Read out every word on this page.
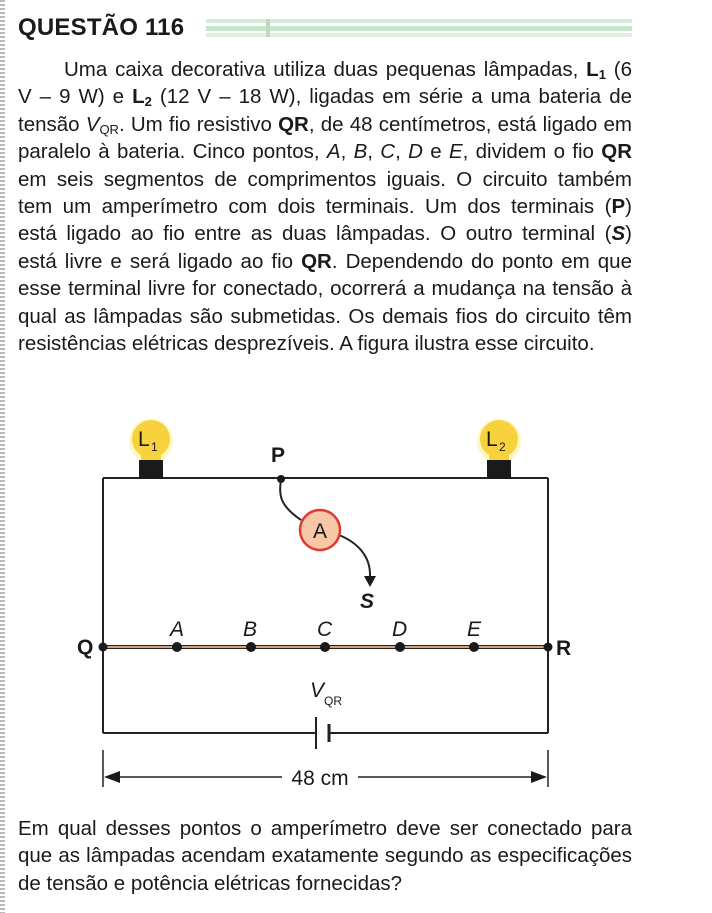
QUESTÃO 116

Uma caixa decorativa utiliza duas pequenas lâmpadas, $L_1$ (6 V – 9 W) e $L_2$ (12 V – 18 W), ligadas em série a uma bateria de tensão $V_{QR}$. Um fio resistivo QR, de 48 centímetros, está ligado em paralelo à bateria. Cinco pontos, A, B, C, D e E, dividem o fio QR em seis segmentos de comprimentos iguais. O circuito também tem um amperímetro com dois terminais. Um dos terminais (P) está ligado ao fio entre as duas lâmpadas. O outro terminal (S) está livre e será ligado ao fio QR. Dependendo do ponto em que esse terminal livre for conectado, ocorrerá a mudança na tensão à qual as lâmpadas são submetidas. Os demais fios do circuito têm resistências elétricas desprezíveis. A figura ilustra esse circuito.

V QR
Q	R
A	B	C	D	E
L 1	L 2
P
A
S
48 cm

Em qual desses pontos o amperímetro deve ser conectado para que as lâmpadas acendam exatamente segundo as especificações de tensão e potência elétricas fornecidas?
